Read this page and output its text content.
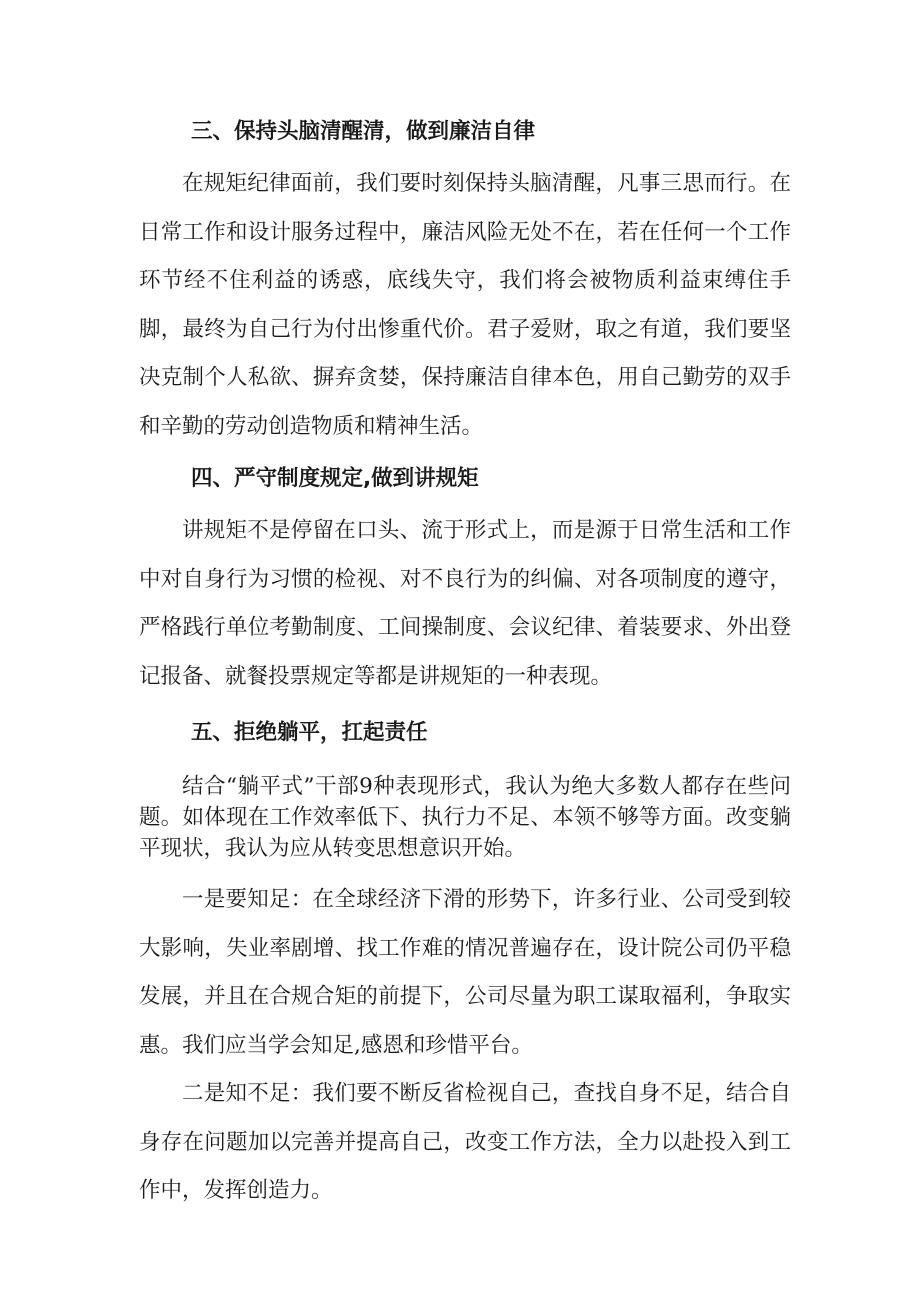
三、保持头脑清醒清，做到廉洁自律

在规矩纪律面前，我们要时刻保持头脑清醒，凡事三思而行。在日常工作和设计服务过程中，廉洁风险无处不在，若在任何一个工作环节经不住利益的诱惑，底线失守，我们将会被物质利益束缚住手脚，最终为自己行为付出惨重代价。君子爱财，取之有道，我们要坚决克制个人私欲、摒弃贪婪，保持廉洁自律本色，用自己勤劳的双手和辛勤的劳动创造物质和精神生活。

四、严守制度规定,做到讲规矩

讲规矩不是停留在口头、流于形式上，而是源于日常生活和工作中对自身行为习惯的检视、对不良行为的纠偏、对各项制度的遵守，严格践行单位考勤制度、工间操制度、会议纪律、着装要求、外出登记报备、就餐投票规定等都是讲规矩的一种表现。

五、拒绝躺平，扛起责任

结合“躺平式”干部9种表现形式，我认为绝大多数人都存在些问题。如体现在工作效率低下、执行力不足、本领不够等方面。改变躺平现状，我认为应从转变思想意识开始。

一是要知足：在全球经济下滑的形势下，许多行业、公司受到较大影响，失业率剧增、找工作难的情况普遍存在，设计院公司仍平稳发展，并且在合规合矩的前提下，公司尽量为职工谋取福利，争取实惠。我们应当学会知足,感恩和珍惜平台。

二是知不足：我们要不断反省检视自己，查找自身不足，结合自身存在问题加以完善并提高自己，改变工作方法，全力以赴投入到工作中，发挥创造力。
